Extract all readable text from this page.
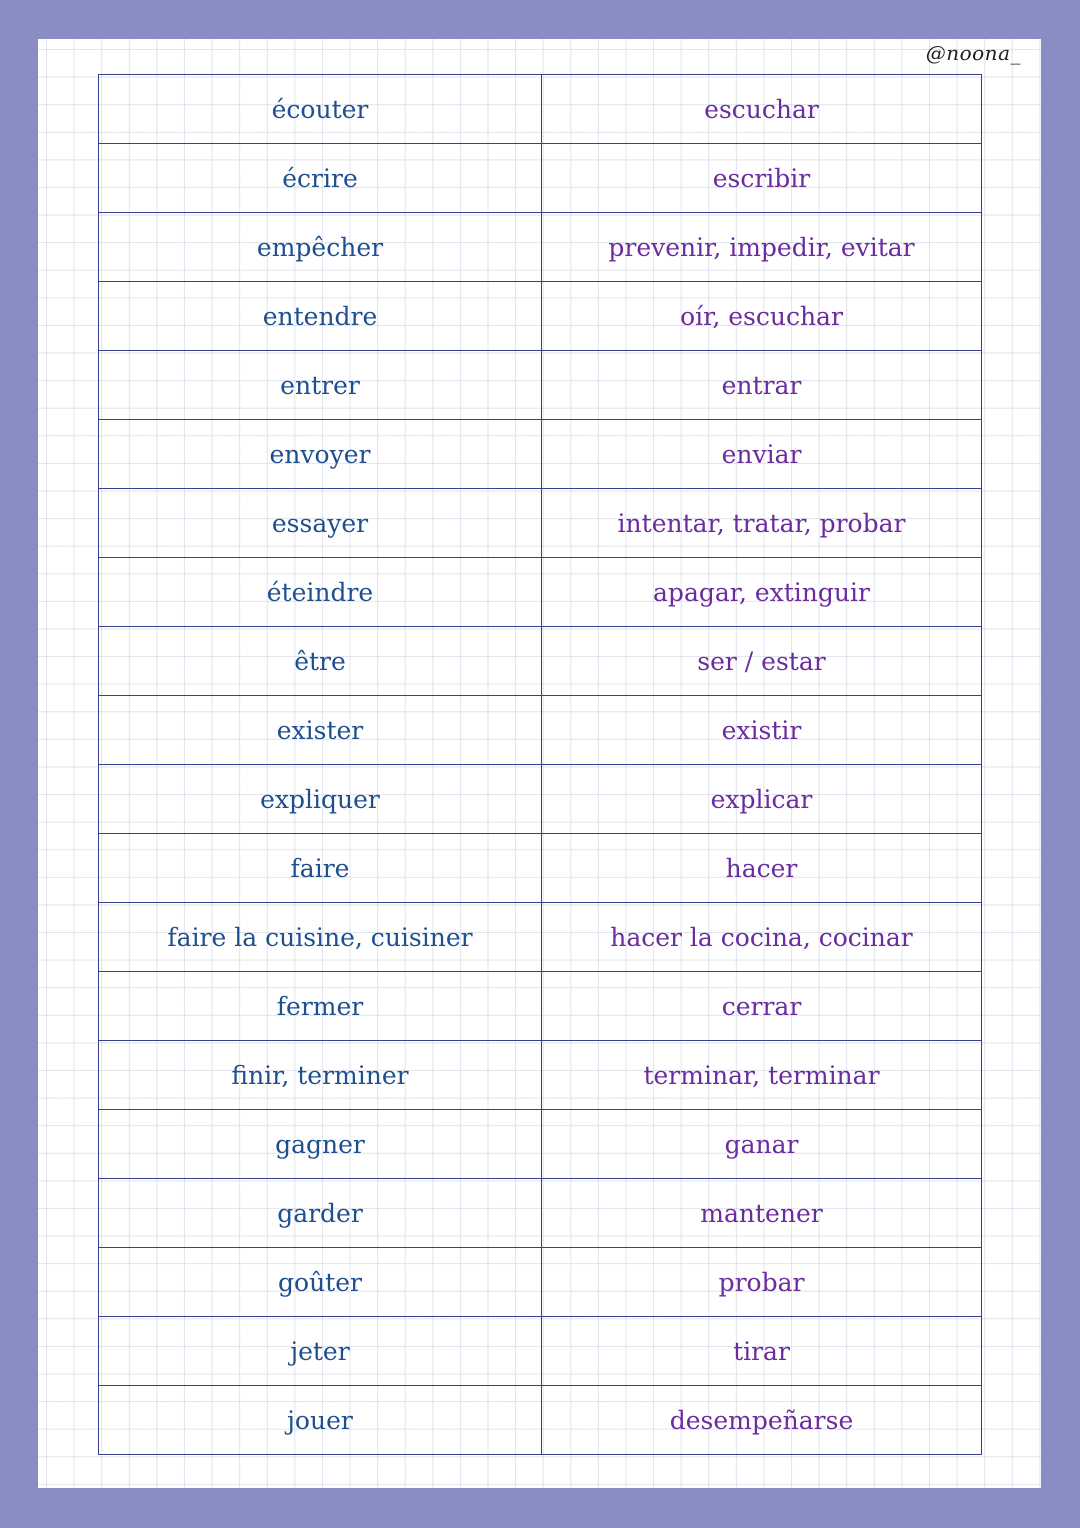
@noona_
écouter	escuchar
écrire	escribir
empêcher	prevenir, impedir, evitar
entendre	oír, escuchar
entrer	entrar
envoyer	enviar
essayer	intentar, tratar, probar
éteindre	apagar, extinguir
être	ser / estar
exister	existir
expliquer	explicar
faire	hacer
faire la cuisine, cuisiner	hacer la cocina, cocinar
fermer	cerrar
finir, terminer	terminar, terminar
gagner	ganar
garder	mantener
goûter	probar
jeter	tirar
jouer	desempeñarse
